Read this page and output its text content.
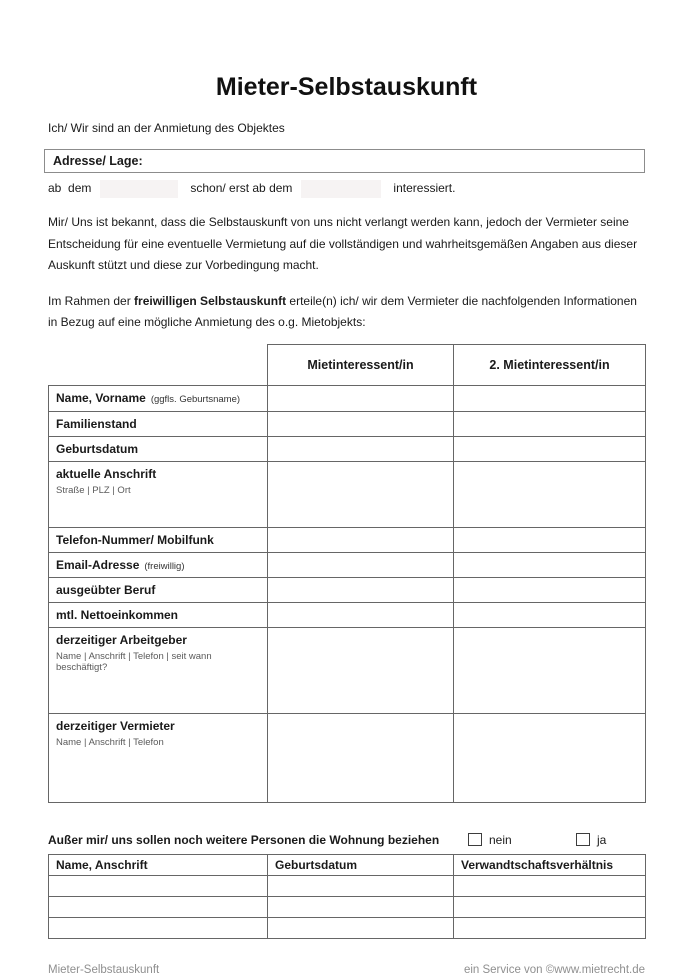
Mieter-Selbstauskunft
Ich/ Wir sind an der Anmietung des Objektes
Adresse/ Lage:
ab  dem	schon/ erst ab dem	interessiert.
Mir/ Uns ist bekannt, dass die Selbstauskunft von uns nicht verlangt werden kann, jedoch der Vermieter seine Entscheidung für eine eventuelle Vermietung auf die vollständigen und wahrheitsgemäßen Angaben aus dieser Auskunft stützt und diese zur Vorbedingung macht.
Im Rahmen der freiwilligen Selbstauskunft erteile(n) ich/ wir dem Vermieter die nachfolgenden Informationen in Bezug auf eine mögliche Anmietung des o.g. Mietobjekts:
	Mietinteressent/in	2. Mietinteressent/in
Name, Vorname (ggfls. Geburtsname)		
Familienstand		
Geburtsdatum		
aktuelle Anschrift
Straße | PLZ | Ort		

Telefon-Nummer/ Mobilfunk		
Email-Adresse (freiwillig)		
ausgeübter Beruf		
mtl. Nettoeinkommen		
derzeitiger Arbeitgeber
Name | Anschrift | Telefon | seit wann beschäftigt?		

derzeitiger Vermieter
Name | Anschrift | Telefon		

Außer mir/ uns sollen noch weitere Personen die Wohnung beziehen	nein	ja
Name, Anschrift	Geburtsdatum	Verwandtschaftsverhältnis

Mieter-Selbstauskunft	ein Service von ©www.mietrecht.de
